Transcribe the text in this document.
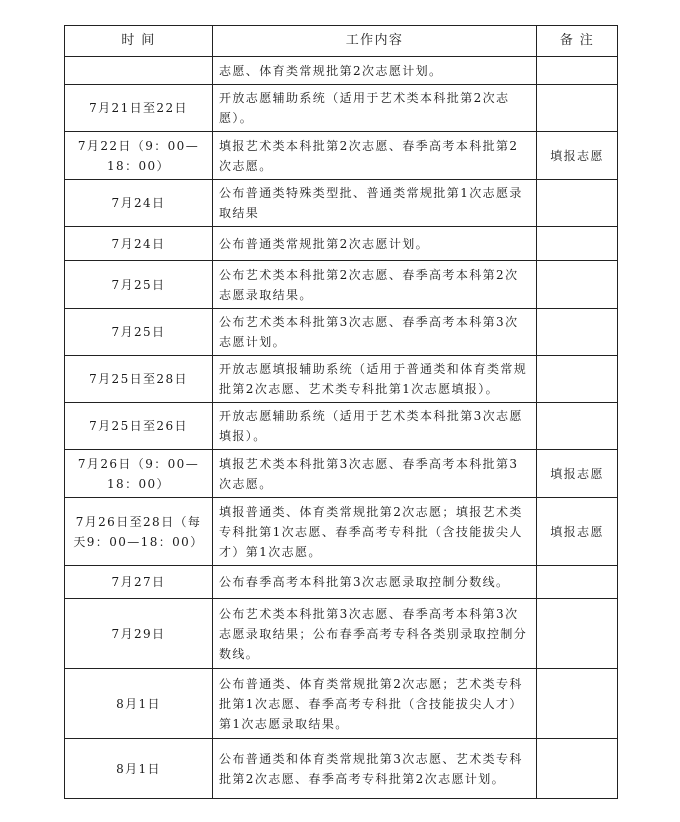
时 间	工作内容	备 注
	志愿、体育类常规批第2次志愿计划。	
7月21日至22日	开放志愿辅助系统（适用于艺术类本科批第2次志愿）。	
7月22日（9：00—18：00）	填报艺术类本科批第2次志愿、春季高考本科批第2次志愿。	填报志愿
7月24日	公布普通类特殊类型批、普通类常规批第1次志愿录取结果	
7月24日	公布普通类常规批第2次志愿计划。	
7月25日	公布艺术类本科批第2次志愿、春季高考本科第2次志愿录取结果。	
7月25日	公布艺术类本科批第3次志愿、春季高考本科第3次志愿计划。	
7月25日至28日	开放志愿填报辅助系统（适用于普通类和体育类常规批第2次志愿、艺术类专科批第1次志愿填报）。	
7月25日至26日	开放志愿辅助系统（适用于艺术类本科批第3次志愿填报）。	
7月26日（9：00—18：00）	填报艺术类本科批第3次志愿、春季高考本科批第3次志愿。	填报志愿
7月26日至28日（每天9：00—18：00）	填报普通类、体育类常规批第2次志愿；填报艺术类专科批第1次志愿、春季高考专科批（含技能拔尖人才）第1次志愿。	填报志愿
7月27日	公布春季高考本科批第3次志愿录取控制分数线。	
7月29日	公布艺术类本科批第3次志愿、春季高考本科第3次志愿录取结果；公布春季高考专科各类别录取控制分数线。	
8月1日	公布普通类、体育类常规批第2次志愿；艺术类专科批第1次志愿、春季高考专科批（含技能拔尖人才）第1次志愿录取结果。	
8月1日	公布普通类和体育类常规批第3次志愿、艺术类专科批第2次志愿、春季高考专科批第2次志愿计划。	
